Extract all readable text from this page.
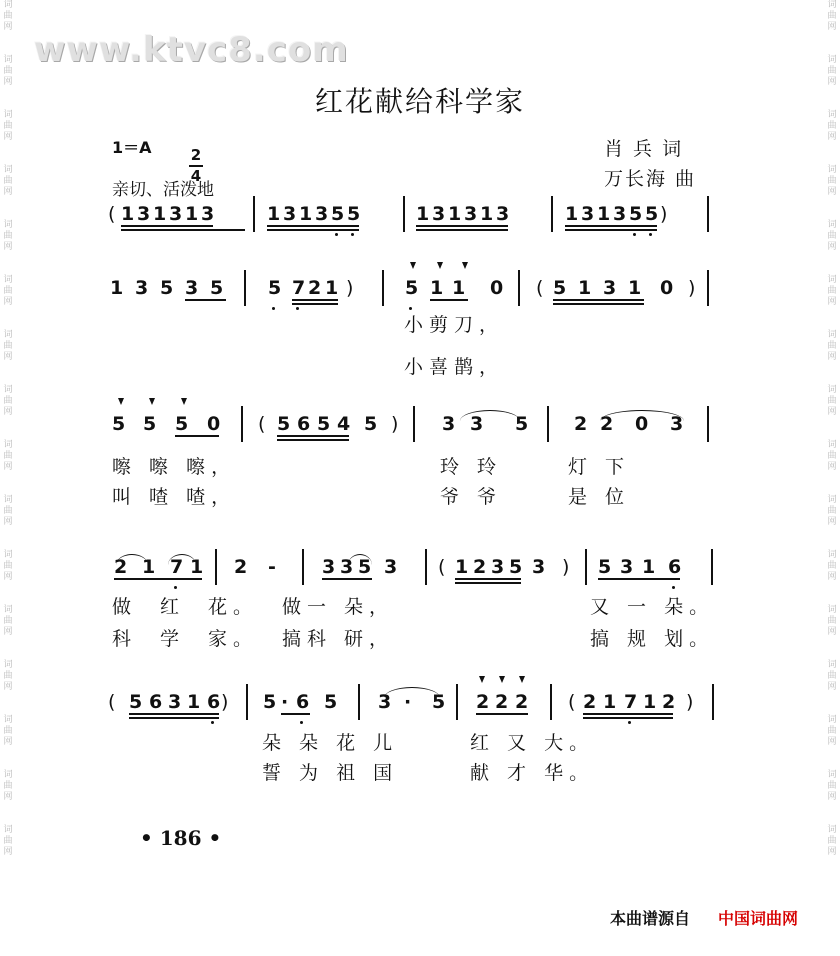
词
曲
网
词
曲
网
词
曲
网
词
曲
网
词
曲
网
词
曲
网
词
曲
网
词
曲
网
词
曲
网
词
曲
网
词
曲
网
词
曲
网
词
曲
网
词
曲
网
词
曲
网
词
曲
网
词
曲
网
词
曲
网
词
曲
网
词
曲
网
词
曲
网
词
曲
网
词
曲
网
词
曲
网
词
曲
网
词
曲
网
词
曲
网
词
曲
网
词
曲
网
词
曲
网
词
曲
网
词
曲
网
www.ktvc8.com
红花献给科学家
1＝A	2
4
亲切、活泼地
肖 兵 词
万长海 曲
( 1 3 1 3 1 3	1 3 1 3 5 5	1 3 1 3 1 3	1 3 1 3 5 5 )
1 3 5 3 5 5 7 2 1 )	5 1 1 0 ( 5 1 3 1 0 )
5 5 5 0 ( 5 6 5 4 5 ) 3 3 5 2 2 0 3
2 1 7 1 2 - 3 3 5 3 ( 1 2 3 5 3 ) 5 3 1 6
( 5 6 3 1 6 ) 5 · 6 5 3 · 5 2 2 2 ( 2 1 7 1 2 )
小剪刀，
小喜鹊，
嚓 嚓 嚓，	玲 玲	灯 下
叫 喳 喳，	爷 爷	是 位
做 红 花。 做一 朵，	又 一 朵。
科 学 家。 搞科 研，	搞 规 划。
朵 朵 花 儿	红 又 大。
誓 为 祖 国	献 才 华。
• 186 •
本曲谱源自 中国词曲网
